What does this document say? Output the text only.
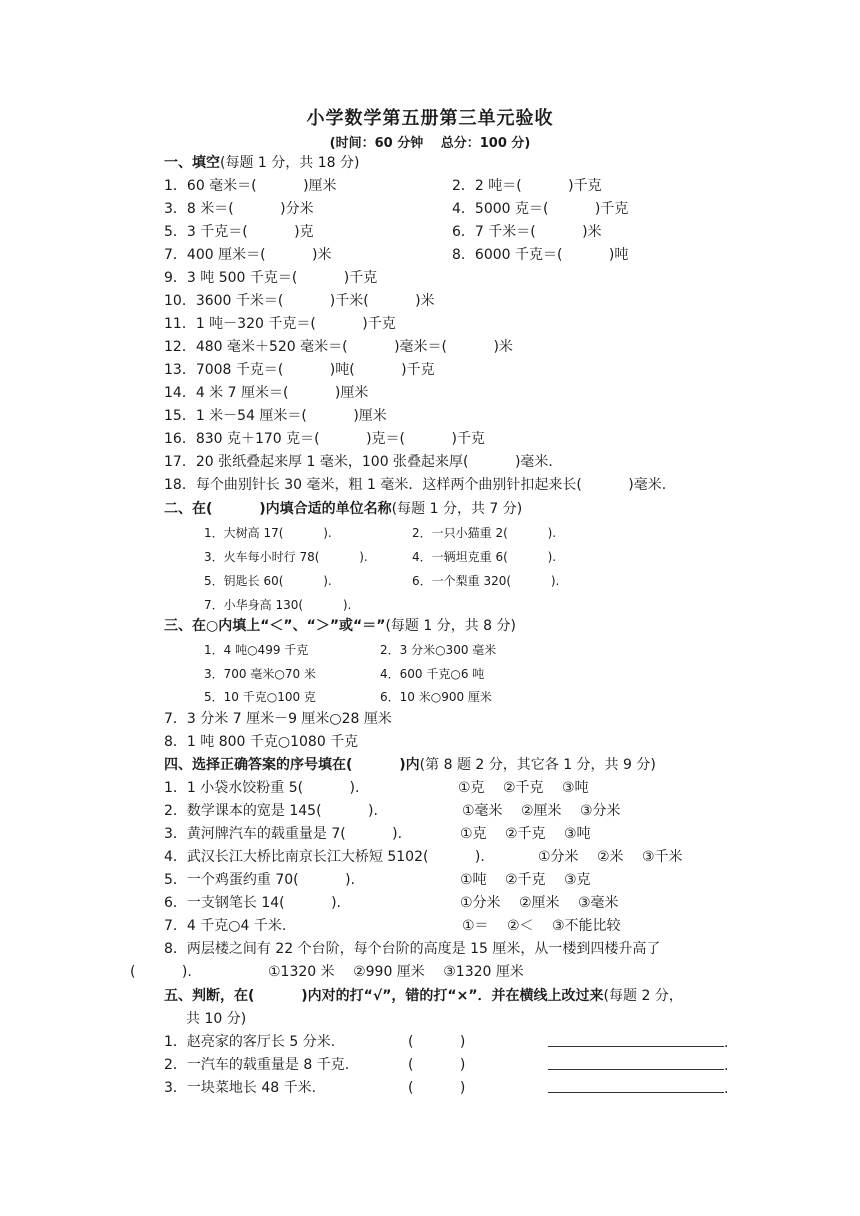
小学数学第五册第三单元验收
(时间：60 分钟　 总分：100 分)
一、填空(每题 1 分，共 18 分)
1．60 毫米＝(　　　 )厘米	2．2 吨＝(　　　 )千克
3．8 米＝(　　　 )分米	4．5000 克＝(　　　 )千克
5．3 千克＝(　　　 )克	6．7 千米＝(　　　 )米
7．400 厘米＝(　　　 )米	8．6000 千克＝(　　　 )吨
9．3 吨 500 千克＝(　　　 )千克
10．3600 千米＝(　　　 )千米(　　　 )米
11．1 吨－320 千克＝(　　　 )千克
12．480 毫米＋520 毫米＝(　　　 )毫米＝(　　　 )米
13．7008 千克＝(　　　 )吨(　　　 )千克
14．4 米 7 厘米＝(　　　 )厘米
15．1 米－54 厘米＝(　　　 )厘米
16．830 克＋170 克＝(　　　 )克＝(　　　 )千克
17．20 张纸叠起来厚 1 毫米，100 张叠起来厚(　　　 )毫米.
18．每个曲别针长 30 毫米，粗 1 毫米．这样两个曲别针扣起来长(　　　 )毫米.
二、在(　　　 )内填合适的单位名称(每题 1 分，共 7 分)
1．大树高 17(　　　 ).	2．一只小猫重 2(　　　 ).
3．火车每小时行 78(　　　 ).	4．一辆坦克重 6(　　　 ).
5．钥匙长 60(　　　 ).	6．一个梨重 320(　　　 ).
7．小华身高 130(　　　 ).
三、在○内填上“＜”、“＞”或“＝”(每题 1 分，共 8 分)
1．4 吨○499 千克	2．3 分米○300 毫米
3．700 毫米○70 米	4．600 千克○6 吨
5．10 千克○100 克	6．10 米○900 厘米
7．3 分米 7 厘米－9 厘米○28 厘米
8．1 吨 800 千克○1080 千克
四、选择正确答案的序号填在(　　　 )内(第 8 题 2 分，其它各 1 分，共 9 分)
1．1 小袋水饺粉重 5(　　　 ).	①克　 ②千克　 ③吨
2．数学课本的宽是 145(　　　 ).	①毫米　 ②厘米　 ③分米
3．黄河牌汽车的载重量是 7(　　　 ).	①克　 ②千克　 ③吨
4．武汉长江大桥比南京长江大桥短 5102(　　　 ).	①分米　 ②米　 ③千米
5．一个鸡蛋约重 70(　　　 ).	①吨　 ②千克　 ③克
6．一支钢笔长 14(　　　 ).	①分米　 ②厘米　 ③毫米
7．4 千克○4 千米.	①＝　 ②＜　 ③不能比较
8．两层楼之间有 22 个台阶，每个台阶的高度是 15 厘米，从一楼到四楼升高了
(　　　 ).	①1320 米　 ②990 厘米　 ③1320 厘米
五、判断，在(　　　 )内对的打“√”，错的打“×”．并在横线上改过来(每题 2 分，
共 10 分)
1．赵亮家的客厅长 5 分米.	(　　　 )	.
2．一汽车的载重量是 8 千克.	(　　　 )	.
3．一块菜地长 48 千米.	(　　　 )	.
